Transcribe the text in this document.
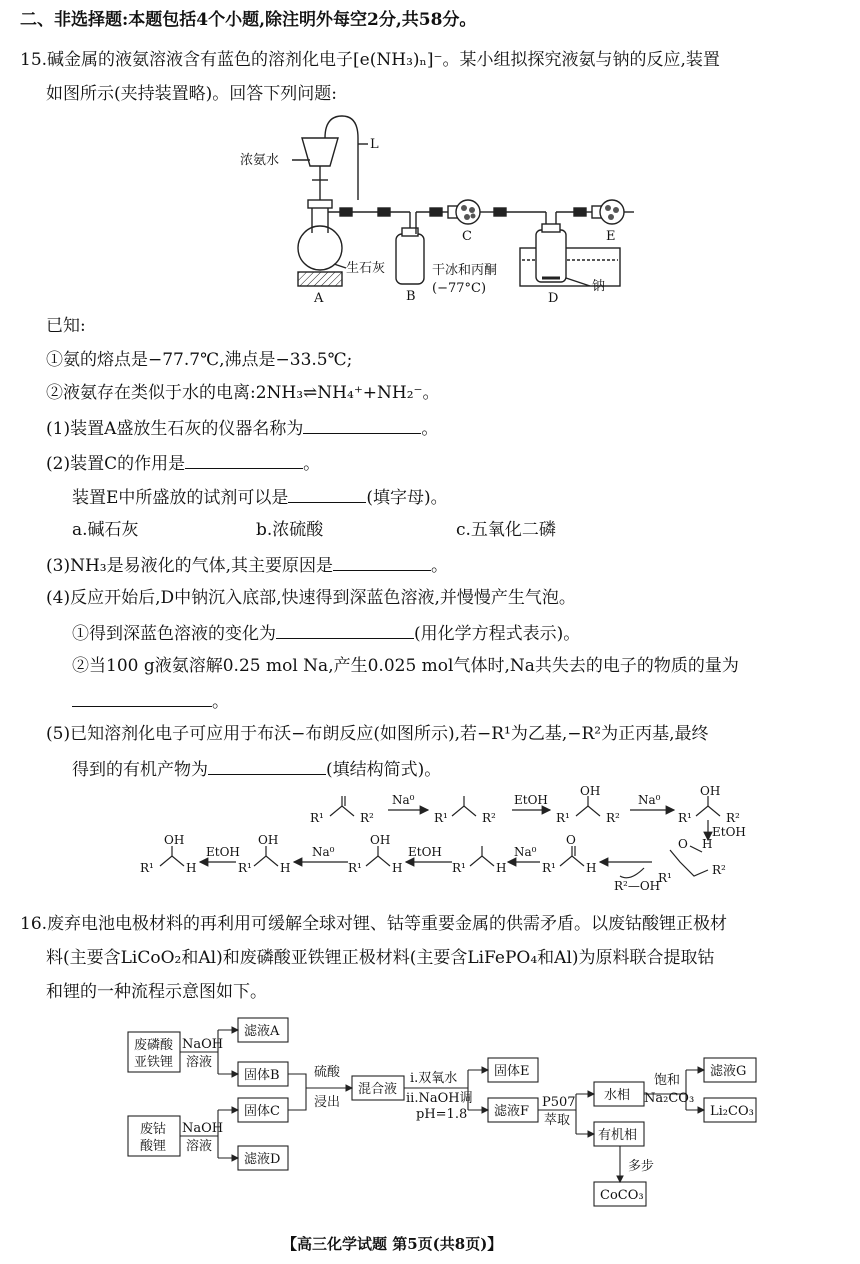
二、非选择题:本题包括4个小题,除注明外每空2分,共58分。
15.碱金属的液氨溶液含有蓝色的溶剂化电子[e(NH₃)ₙ]⁻。某小组拟探究液氨与钠的反应,装置
如图所示(夹持装置略)。回答下列问题:
L
浓氨水
生石灰
A	B
C
D
E
干冰和丙酮
(−77°C)	钠
已知:
①氨的熔点是−77.7℃,沸点是−33.5℃;
②液氨存在类似于水的电离:2NH₃⇌NH₄⁺+NH₂⁻。
(1)装置A盛放生石灰的仪器名称为	。
(2)装置C的作用是	。
装置E中所盛放的试剂可以是	(填字母)。
a.碱石灰	b.浓硫酸	c.五氧化二磷
(3)NH₃是易液化的气体,其主要原因是	。
(4)反应开始后,D中钠沉入底部,快速得到深蓝色溶液,并慢慢产生气泡。
①得到深蓝色溶液的变化为	(用化学方程式表示)。
②当100 g液氨溶解0.25 mol Na,产生0.025 mol气体时,Na共失去的电子的物质的量为
。
(5)已知溶剂化电子可应用于布沃−布朗反应(如图所示),若−R¹为乙基,−R²为正丙基,最终
得到的有机产物为	(填结构简式)。
R¹	R²
Na⁰
R¹	R²
EtOH
R¹
OH
R²
Na⁰
R¹
OH
R²
EtOH
R¹
OH
H
EtOH
R¹
OH
H
Na⁰
R¹
OH
H
EtOH
R¹	H
Na⁰
R¹
O
H
R²—OH
O H
R¹
R²
16.废弃电池电极材料的再利用可缓解全球对锂、钴等重要金属的供需矛盾。以废钴酸锂正极材
料(主要含LiCoO₂和Al)和废磷酸亚铁锂正极材料(主要含LiFePO₄和Al)为原料联合提取钴
和锂的一种流程示意图如下。
废磷酸
亚铁锂
废钴
酸锂
NaOH
溶液
NaOH
溶液
滤液A
固体B
固体C
滤液D
硫酸
浸出
混合液
i.双氧水
ii.NaOH调
pH=1.8
固体E
滤液F
P507
萃取
水相
有机相
饱和
Na₂CO₃
滤液G
Li₂CO₃
多步
CoCO₃
【高三化学试题 第5页(共8页)】
